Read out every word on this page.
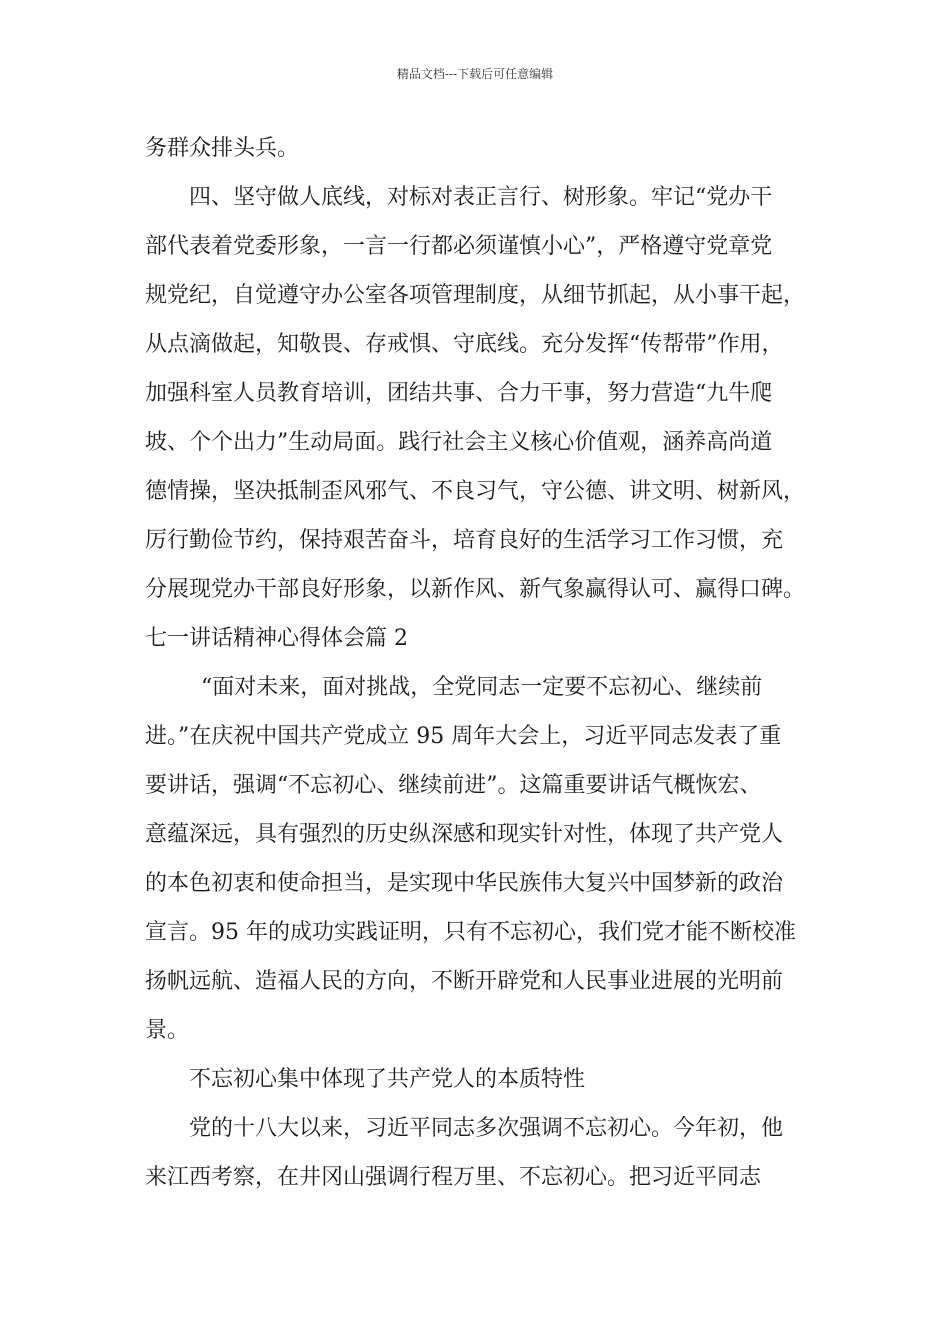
精品文档---下载后可任意编辑
务群众排头兵。
四、坚守做人底线，对标对表正言行、树形象。牢记“党办干
部代表着党委形象，一言一行都必须谨慎小心”，严格遵守党章党
规党纪，自觉遵守办公室各项管理制度，从细节抓起，从小事干起，
从点滴做起，知敬畏、存戒惧、守底线。充分发挥“传帮带”作用，
加强科室人员教育培训，团结共事、合力干事，努力营造“九牛爬
坡、个个出力”生动局面。践行社会主义核心价值观，涵养高尚道
德情操，坚决抵制歪风邪气、不良习气，守公德、讲文明、树新风，
厉行勤俭节约，保持艰苦奋斗，培育良好的生活学习工作习惯，充
分展现党办干部良好形象，以新作风、新气象赢得认可、赢得口碑。
七一讲话精神心得体会篇 2
“面对未来，面对挑战，全党同志一定要不忘初心、继续前
进。”在庆祝中国共产党成立 95 周年大会上，习近平同志发表了重
要讲话，强调“不忘初心、继续前进”。这篇重要讲话气概恢宏、
意蕴深远，具有强烈的历史纵深感和现实针对性，体现了共产党人
的本色初衷和使命担当，是实现中华民族伟大复兴中国梦新的政治
宣言。95 年的成功实践证明，只有不忘初心，我们党才能不断校准
扬帆远航、造福人民的方向，不断开辟党和人民事业进展的光明前
景。
不忘初心集中体现了共产党人的本质特性
党的十八大以来，习近平同志多次强调不忘初心。今年初，他
来江西考察，在井冈山强调行程万里、不忘初心。把习近平同志
